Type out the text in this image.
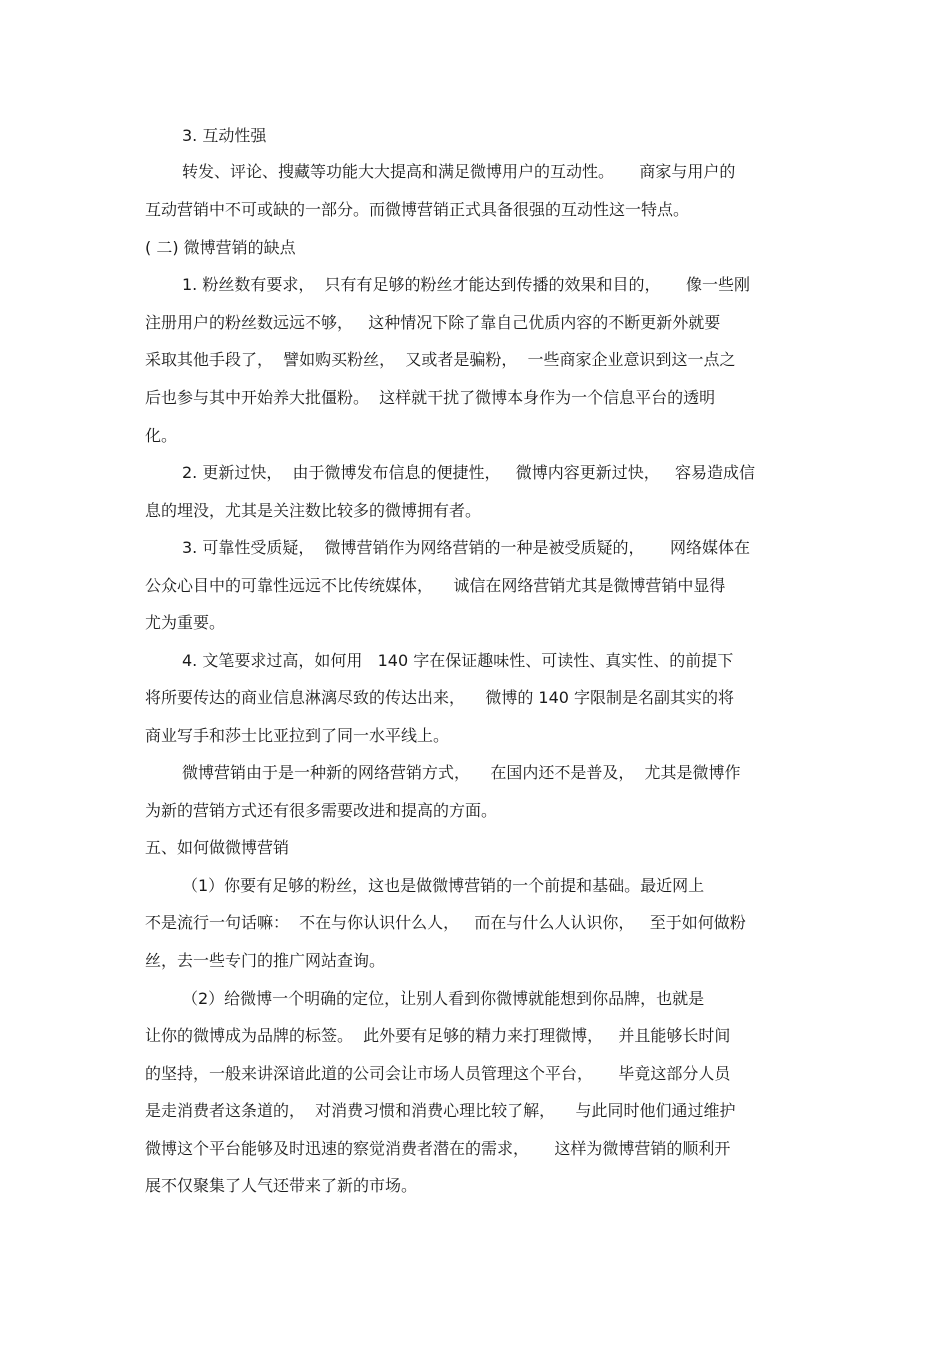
3. 互动性强
转发、评论、搜藏等功能大大提高和满足微博用户的互动性。     商家与用户的
互动营销中不可或缺的一部分。而微博营销正式具备很强的互动性这一特点。
( 二) 微博营销的缺点
1. 粉丝数有要求，  只有有足够的粉丝才能达到传播的效果和目的，     像一些刚
注册用户的粉丝数远远不够，   这种情况下除了靠自己优质内容的不断更新外就要
采取其他手段了，  譬如购买粉丝，  又或者是骗粉，  一些商家企业意识到这一点之
后也参与其中开始养大批僵粉。  这样就干扰了微博本身作为一个信息平台的透明
化。
2. 更新过快，  由于微博发布信息的便捷性，   微博内容更新过快，   容易造成信
息的埋没，尤其是关注数比较多的微博拥有者。
3. 可靠性受质疑，  微博营销作为网络营销的一种是被受质疑的，     网络媒体在
公众心目中的可靠性远远不比传统媒体，    诚信在网络营销尤其是微博营销中显得
尤为重要。
4. 文笔要求过高，如何用   140 字在保证趣味性、可读性、真实性、的前提下
将所要传达的商业信息淋漓尽致的传达出来，    微博的 140 字限制是名副其实的将
商业写手和莎士比亚拉到了同一水平线上。
微博营销由于是一种新的网络营销方式，    在国内还不是普及，  尤其是微博作
为新的营销方式还有很多需要改进和提高的方面。
五、如何做微博营销
（1）你要有足够的粉丝，这也是做微博营销的一个前提和基础。最近网上
不是流行一句话嘛：  不在与你认识什么人，   而在与什么人认识你，   至于如何做粉
丝，去一些专门的推广网站查询。
（2）给微博一个明确的定位，让别人看到你微博就能想到你品牌，也就是
让你的微博成为品牌的标签。  此外要有足够的精力来打理微博，   并且能够长时间
的坚持，一般来讲深谙此道的公司会让市场人员管理这个平台，     毕竟这部分人员
是走消费者这条道的，  对消费习惯和消费心理比较了解，    与此同时他们通过维护
微博这个平台能够及时迅速的察觉消费者潜在的需求，     这样为微博营销的顺利开
展不仅聚集了人气还带来了新的市场。
